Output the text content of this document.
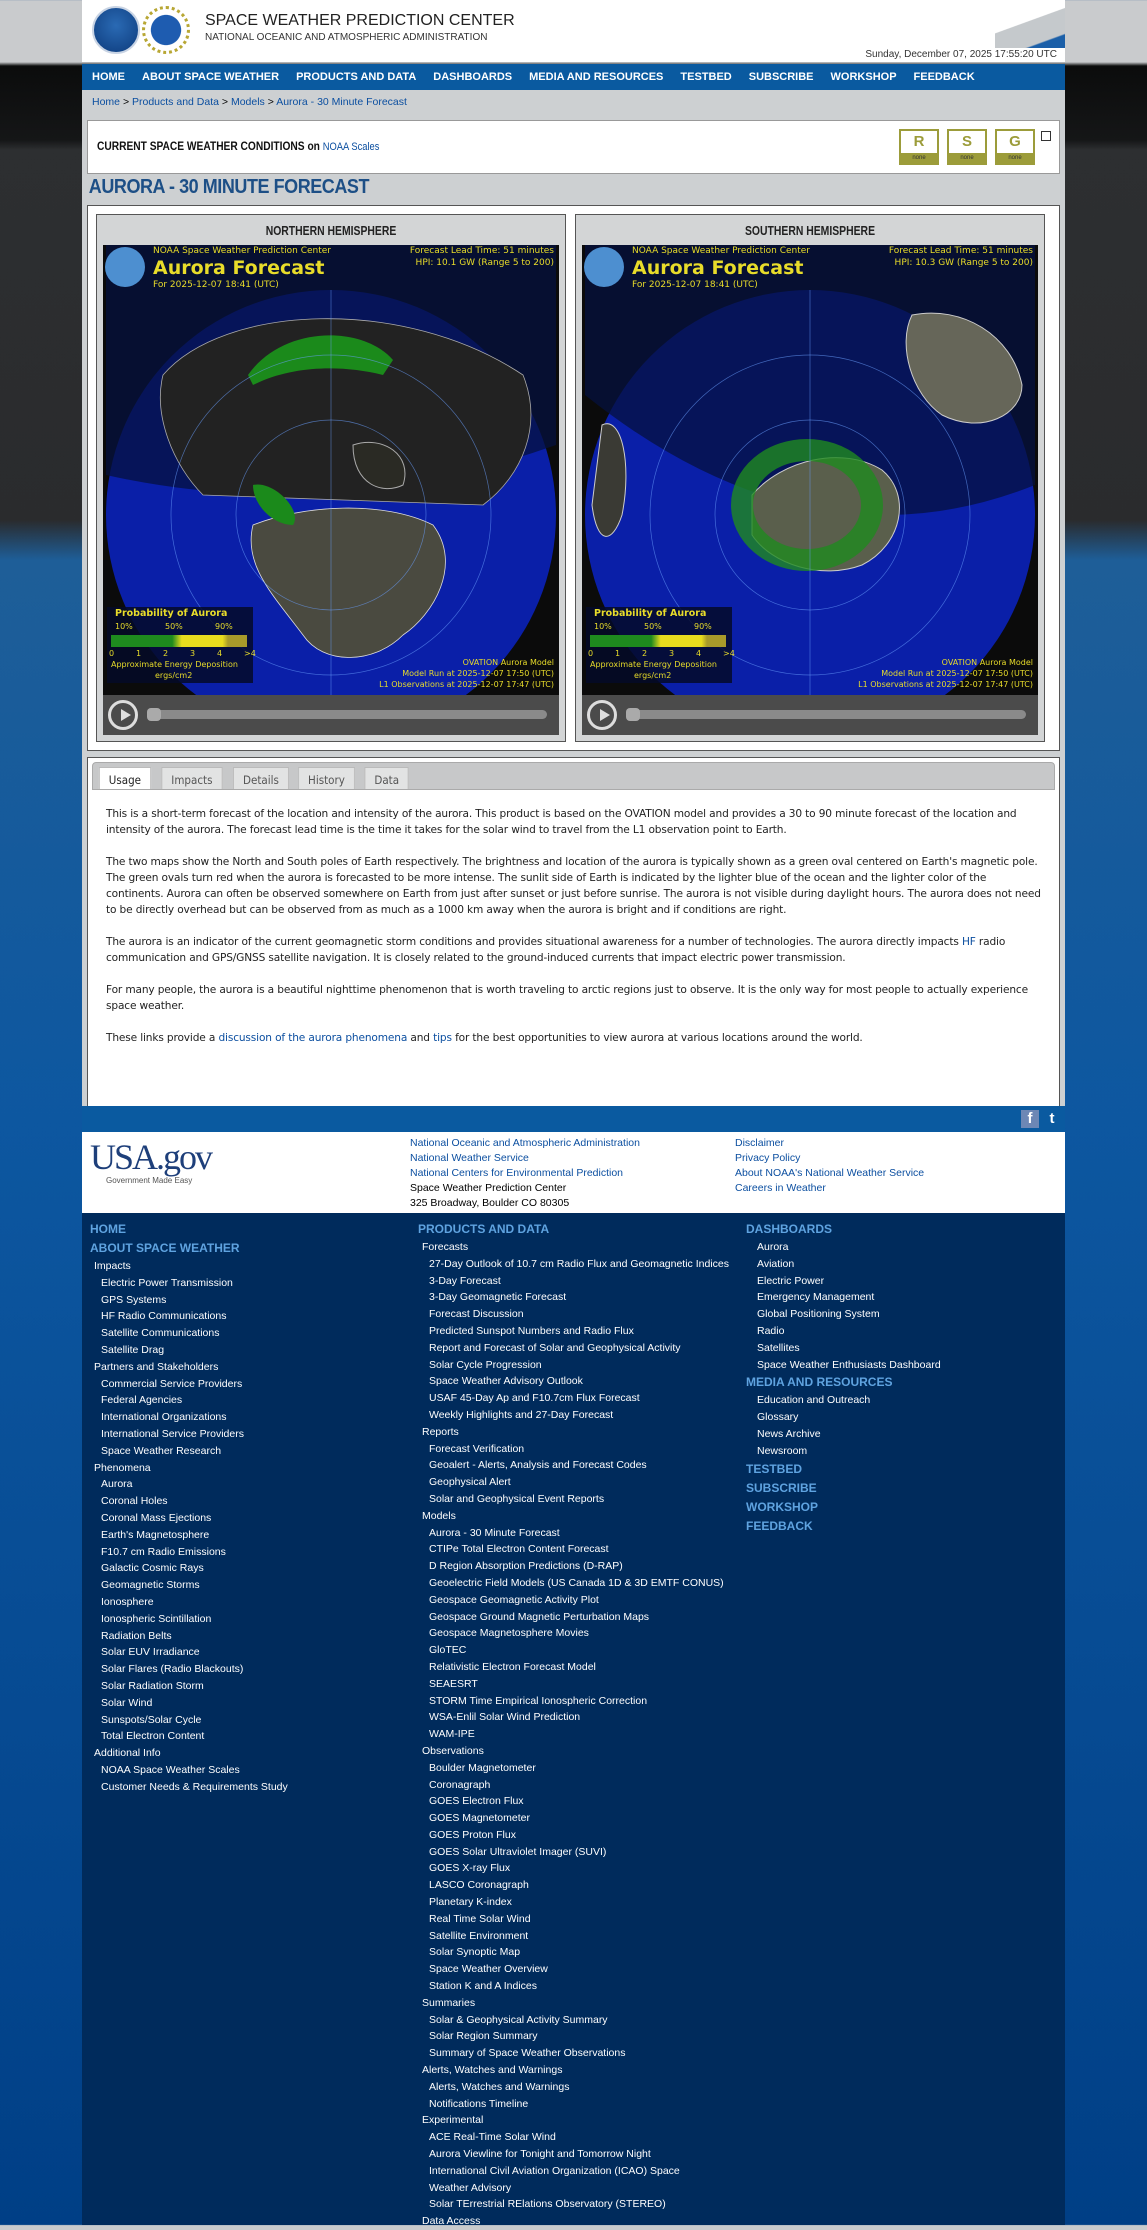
SPACE WEATHER PREDICTION CENTER
NATIONAL OCEANIC AND ATMOSPHERIC ADMINISTRATION
Sunday, December 07, 2025 17:55:20 UTC
HOME ABOUT SPACE WEATHER PRODUCTS AND DATA DASHBOARDS MEDIA AND RESOURCES TESTBED SUBSCRIBE WORKSHOP FEEDBACK
Home > Products and Data > Models > Aurora - 30 Minute Forecast
CURRENT SPACE WEATHER CONDITIONS on NOAA Scales	R
none
S
none
G
none
AURORA - 30 MINUTE FORECAST
NORTHERN HEMISPHERE
NOAA Space Weather Prediction Center
Aurora Forecast
For 2025-12-07 18:41 (UTC)
Forecast Lead Time: 51 minutes
HPI: 10.1 GW (Range 5 to 200)
Probability of Aurora
10%	50%	90%
0	1	2	3	4	>4
Approximate Energy Deposition
ergs/cm2
OVATION Aurora Model
Model Run at 2025-12-07 17:50 (UTC)
L1 Observations at 2025-12-07 17:47 (UTC)
SOUTHERN HEMISPHERE
NOAA Space Weather Prediction Center
Aurora Forecast
For 2025-12-07 18:41 (UTC)
Forecast Lead Time: 51 minutes
HPI: 10.3 GW (Range 5 to 200)
Probability of Aurora
10%	50%	90%
0	1	2	3	4	>4
Approximate Energy Deposition
ergs/cm2
OVATION Aurora Model
Model Run at 2025-12-07 17:50 (UTC)
L1 Observations at 2025-12-07 17:47 (UTC)
Usage	Impacts	Details	History	Data

This is a short-term forecast of the location and intensity of the aurora. This product is based on the OVATION model and provides a 30 to 90 minute forecast of the location and intensity of the aurora. The forecast lead time is the time it takes for the solar wind to travel from the L1 observation point to Earth.

The two maps show the North and South poles of Earth respectively. The brightness and location of the aurora is typically shown as a green oval centered on Earth's magnetic pole. The green ovals turn red when the aurora is forecasted to be more intense. The sunlit side of Earth is indicated by the lighter blue of the ocean and the lighter color of the continents. Aurora can often be observed somewhere on Earth from just after sunset or just before sunrise. The aurora is not visible during daylight hours. The aurora does not need to be directly overhead but can be observed from as much as a 1000 km away when the aurora is bright and if conditions are right.

The aurora is an indicator of the current geomagnetic storm conditions and provides situational awareness for a number of technologies. The aurora directly impacts HF radio communication and GPS/GNSS satellite navigation. It is closely related to the ground-induced currents that impact electric power transmission.

For many people, the aurora is a beautiful nighttime phenomenon that is worth traveling to arctic regions just to observe. It is the only way for most people to actually experience space weather.

These links provide a discussion of the aurora phenomena and tips for the best opportunities to view aurora at various locations around the world.

f	t
USA.gov
Government Made Easy
National Oceanic and Atmospheric Administration
National Weather Service
National Centers for Environmental Prediction
Space Weather Prediction Center
325 Broadway, Boulder CO 80305
Disclaimer
Privacy Policy
About NOAA's National Weather Service
Careers in Weather
HOME
ABOUT SPACE WEATHER
Impacts
Electric Power Transmission
GPS Systems
HF Radio Communications
Satellite Communications
Satellite Drag
Partners and Stakeholders
Commercial Service Providers
Federal Agencies
International Organizations
International Service Providers
Space Weather Research
Phenomena
Aurora
Coronal Holes
Coronal Mass Ejections
Earth's Magnetosphere
F10.7 cm Radio Emissions
Galactic Cosmic Rays
Geomagnetic Storms
Ionosphere
Ionospheric Scintillation
Radiation Belts
Solar EUV Irradiance
Solar Flares (Radio Blackouts)
Solar Radiation Storm
Solar Wind
Sunspots/Solar Cycle
Total Electron Content
Additional Info
NOAA Space Weather Scales
Customer Needs & Requirements Study
PRODUCTS AND DATA
Forecasts
27-Day Outlook of 10.7 cm Radio Flux and Geomagnetic Indices
3-Day Forecast
3-Day Geomagnetic Forecast
Forecast Discussion
Predicted Sunspot Numbers and Radio Flux
Report and Forecast of Solar and Geophysical Activity
Solar Cycle Progression
Space Weather Advisory Outlook
USAF 45-Day Ap and F10.7cm Flux Forecast
Weekly Highlights and 27-Day Forecast
Reports
Forecast Verification
Geoalert - Alerts, Analysis and Forecast Codes
Geophysical Alert
Solar and Geophysical Event Reports
Models
Aurora - 30 Minute Forecast
CTIPe Total Electron Content Forecast
D Region Absorption Predictions (D-RAP)
Geoelectric Field Models (US Canada 1D & 3D EMTF CONUS)
Geospace Geomagnetic Activity Plot
Geospace Ground Magnetic Perturbation Maps
Geospace Magnetosphere Movies
GloTEC
Relativistic Electron Forecast Model
SEAESRT
STORM Time Empirical Ionospheric Correction
WSA-Enlil Solar Wind Prediction
WAM-IPE
Observations
Boulder Magnetometer
Coronagraph
GOES Electron Flux
GOES Magnetometer
GOES Proton Flux
GOES Solar Ultraviolet Imager (SUVI)
GOES X-ray Flux
LASCO Coronagraph
Planetary K-index
Real Time Solar Wind
Satellite Environment
Solar Synoptic Map
Space Weather Overview
Station K and A Indices
Summaries
Solar & Geophysical Activity Summary
Solar Region Summary
Summary of Space Weather Observations
Alerts, Watches and Warnings
Alerts, Watches and Warnings
Notifications Timeline
Experimental
ACE Real-Time Solar Wind
Aurora Viewline for Tonight and Tomorrow Night
International Civil Aviation Organization (ICAO) Space Weather Advisory
Solar TErrestrial RElations Observatory (STEREO)
Data Access
DASHBOARDS
Aurora
Aviation
Electric Power
Emergency Management
Global Positioning System
Radio
Satellites
Space Weather Enthusiasts Dashboard
MEDIA AND RESOURCES
Education and Outreach
Glossary
News Archive
Newsroom
TESTBED
SUBSCRIBE
WORKSHOP
FEEDBACK
